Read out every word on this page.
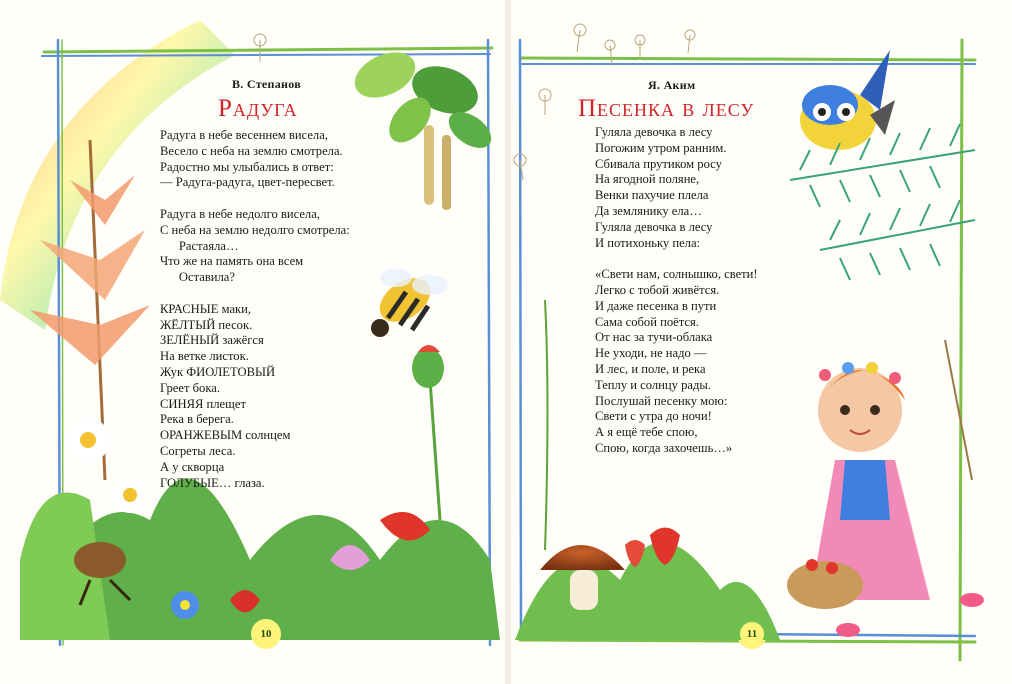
В. Степанов
Радуга
Радуга в небе весеннем висела,
Весело с неба на землю смотрела.
Радостно мы улыбались в ответ:
— Радуга-радуга, цвет-пересвет.
Радуга в небе недолго висела,
С неба на землю недолго смотрела:
Растаяла…
Что же на память она всем
Оставила?
КРАСНЫЕ маки,
ЖЁЛТЫЙ песок.
ЗЕЛЁНЫЙ зажёгся
На ветке листок.
Жук ФИОЛЕТОВЫЙ
Греет бока.
СИНЯЯ плещет
Река в берега.
ОРАНЖЕВЫМ солнцем
Согреты леса.
А у скворца
ГОЛУБЫЕ… глаза.
10
Я. Аким
Песенка в лесу
Гуляла девочка в лесу
Погожим утром ранним.
Сбивала прутиком росу
На ягодной поляне,
Венки пахучие плела
Да землянику ела…
Гуляла девочка в лесу
И потихоньку пела:
«Свети нам, солнышко, свети!
Легко с тобой живётся.
И даже песенка в пути
Сама собой поётся.
От нас за тучи-облака
Не уходи, не надо —
И лес, и поле, и река
Теплу и солнцу рады.
Послушай песенку мою:
Свети с утра до ночи!
А я ещё тебе спою,
Спою, когда захочешь…»
11
